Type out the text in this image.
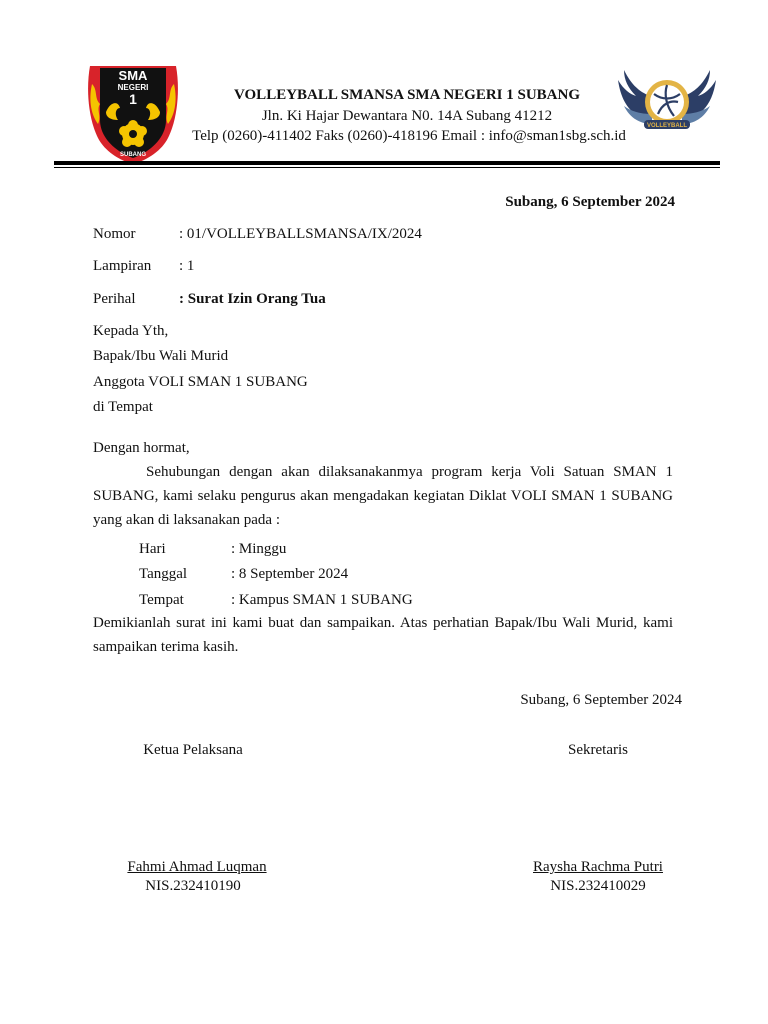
SMA
NEGERI
1
SUBANG
VOLLEYBALL
VOLLEYBALL SMANSA SMA NEGERI 1 SUBANG
Jln. Ki Hajar Dewantara N0. 14A Subang 41212
Telp (0260)-411402 Faks (0260)-418196 Email : info@sman1sbg.sch.id
Subang, 6 September 2024
Nomor	: 01/VOLLEYBALLSMANSA/IX/2024
Lampiran : 1
Perihal	: Surat Izin Orang Tua
Kepada Yth,
Bapak/Ibu Wali Murid
Anggota VOLI SMAN 1 SUBANG
di Tempat
Dengan hormat,
Sehubungan dengan akan dilaksanakanmya program kerja Voli Satuan SMAN 1 SUBANG, kami selaku pengurus akan mengadakan kegiatan Diklat VOLI SMAN 1 SUBANG yang akan di laksanakan pada :
Hari	: Minggu
Tanggal	: 8 September 2024
Tempat	: Kampus SMAN 1 SUBANG
Demikianlah surat ini kami buat dan sampaikan. Atas perhatian Bapak/Ibu Wali Murid, kami sampaikan terima kasih.
Subang, 6 September 2024
Ketua Pelaksana	Sekretaris
Fahmi Ahmad Luqman	Raysha Rachma Putri
NIS.232410190	NIS.232410029
